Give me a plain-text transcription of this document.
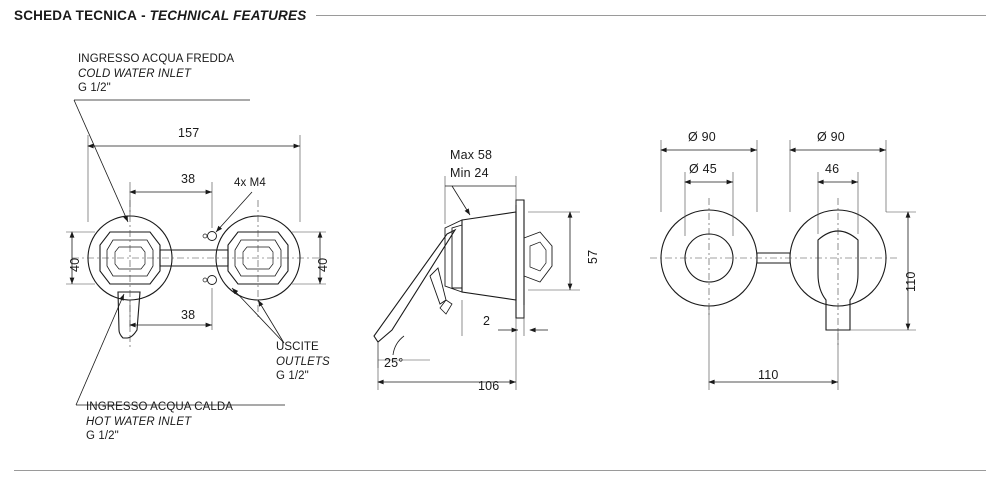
SCHEDA TECNICA - TECHNICAL FEATURES
INGRESSO ACQUA FREDDA
COLD WATER INLET
G 1/2"
INGRESSO ACQUA CALDA
HOT WATER INLET
G 1/2"
USCITE
OUTLETS
G 1/2"
4x M4
157
38
38
40	40
Max 58
Min 24
57
2
106
25°
Ø 90	Ø 90
Ø 45	46
110
110
